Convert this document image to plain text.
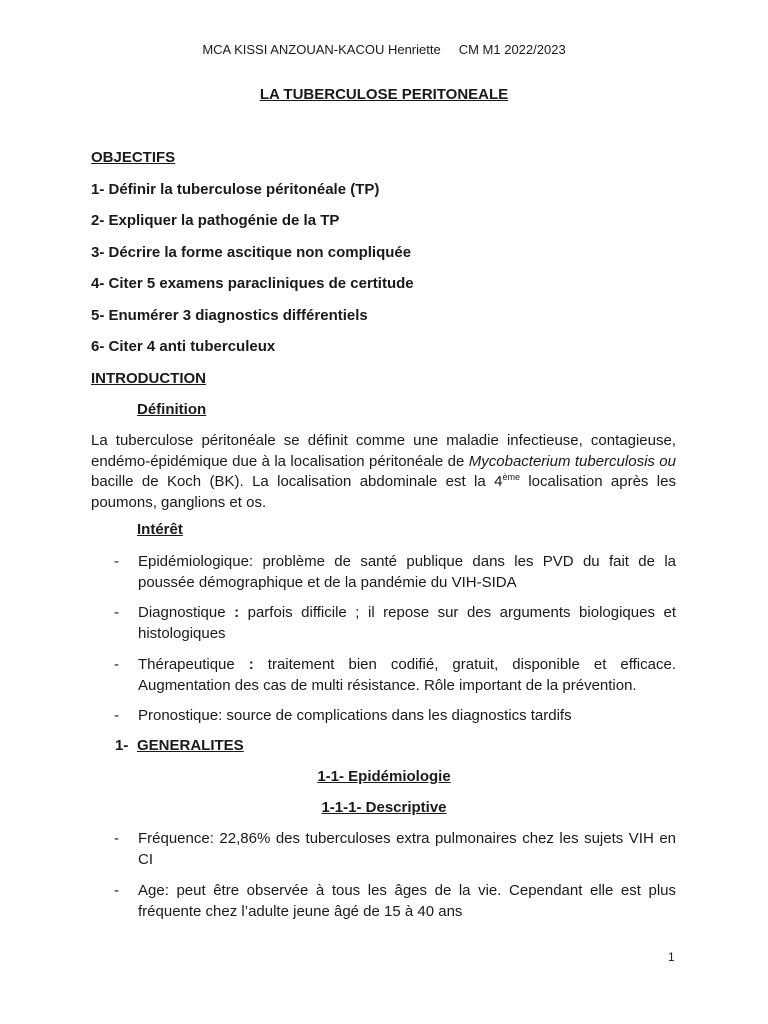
MCA KISSI ANZOUAN-KACOU Henriette CM M1 2022/2023
LA TUBERCULOSE PERITONEALE
OBJECTIFS
1- Définir la tuberculose péritonéale (TP)
2- Expliquer la pathogénie de la TP
3- Décrire la forme ascitique non compliquée
4- Citer 5 examens paracliniques de certitude
5- Enumérer 3 diagnostics différentiels
6- Citer 4 anti tuberculeux
INTRODUCTION
Définition
La tuberculose péritonéale se définit comme une maladie infectieuse, contagieuse, endémo-épidémique due à la localisation péritonéale de Mycobacterium tuberculosis ou bacille de Koch (BK). La localisation abdominale est la 4ème localisation après les poumons, ganglions et os.
Intérêt
- Epidémiologique: problème de santé publique dans les PVD du fait de la poussée démographique et de la pandémie du VIH-SIDA
- Diagnostique : parfois difficile ; il repose sur des arguments biologiques et histologiques
- Thérapeutique : traitement bien codifié, gratuit, disponible et efficace. Augmentation des cas de multi résistance. Rôle important de la prévention.
- Pronostique: source de complications dans les diagnostics tardifs
1- GENERALITES
1-1- Epidémiologie
1-1-1- Descriptive
- Fréquence: 22,86% des tuberculoses extra pulmonaires chez les sujets VIH en CI
- Age: peut être observée à tous les âges de la vie. Cependant elle est plus fréquente chez l’adulte jeune âgé de 15 à 40 ans
1
